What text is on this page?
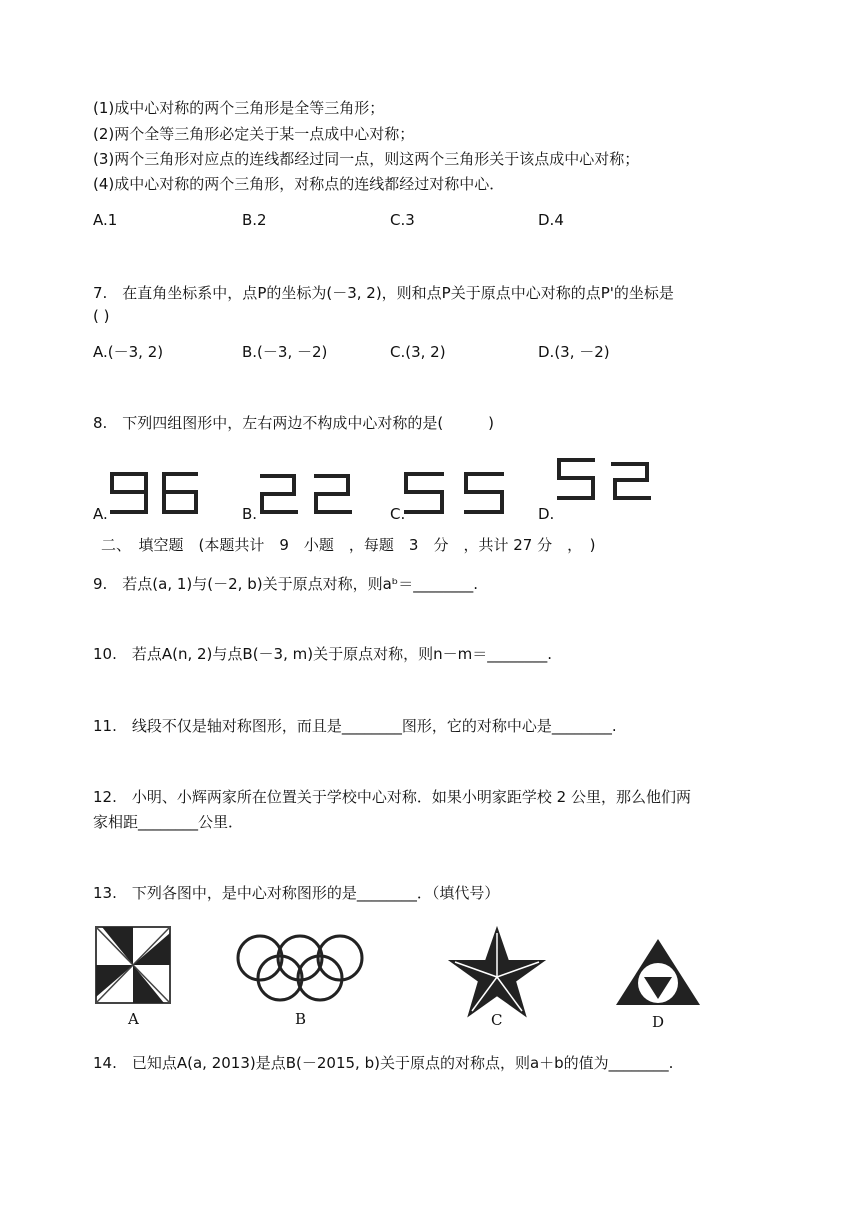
(1)成中心对称的两个三角形是全等三角形；
(2)两个全等三角形必定关于某一点成中心对称；
(3)两个三角形对应点的连线都经过同一点，则这两个三角形关于该点成中心对称；
(4)成中心对称的两个三角形，对称点的连线都经过对称中心．
A.1	B.2	C.3	D.4
7.　在直角坐标系中，点P的坐标为(－3, 2)，则和点P关于原点中心对称的点P'的坐标是
( )
A.(－3, 2)	B.(－3, －2)	C.(3, 2)	D.(3, －2)
8.　下列四组图形中，左右两边不构成中心对称的是(　　　)
A.	B.	C.	D.
二、　填空题　(本题共计　9　小题　，每题　3　分　，共计 27 分　，　)
9.　若点(a, 1)与(－2, b)关于原点对称，则aᵇ＝________.
10.　若点A(n, 2)与点B(－3, m)关于原点对称，则n－m＝________.
11.　线段不仅是轴对称图形，而且是________图形，它的对称中心是________.
12.　小明、小辉两家所在位置关于学校中心对称．如果小明家距学校 2 公里，那么他们两
家相距________公里．
13.　下列各图中，是中心对称图形的是________．（填代号）
A	B	C	D
14.　已知点A(a, 2013)是点B(－2015, b)关于原点的对称点，则a＋b的值为________.
